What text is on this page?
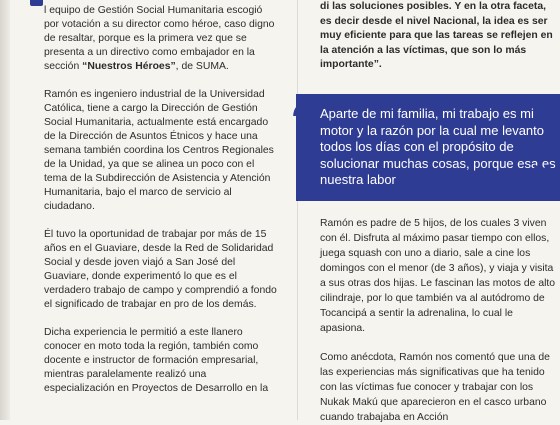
l equipo de Gestión Social Humanitaria escogió por votación a su director como héroe, caso digno de resaltar, porque es la primera vez que se presenta a un directivo como embajador en la sección “Nuestros Héroes”, de SUMA.

Ramón es ingeniero industrial de la Universidad Católica, tiene a cargo la Dirección de Gestión Social Humanitaria, actualmente está encargado de la Dirección de Asuntos Étnicos y hace una semana también coordina los Centros Regionales de la Unidad, ya que se alinea un poco con el tema de la Subdirección de Asistencia y Atención Humanitaria, bajo el marco de servicio al ciudadano.

Él tuvo la oportunidad de trabajar por más de 15 años en el Guaviare, desde la Red de Solidaridad Social y desde joven viajó a San José del Guaviare, donde experimentó lo que es el verdadero trabajo de campo y comprendió a fondo el significado de trabajar en pro de los demás.

Dicha experiencia le permitió a este llanero conocer en moto toda la región, también como docente e instructor de formación empresarial, mientras paralelamente realizó una especialización en Proyectos de Desarrollo en la

di las soluciones posibles. Y en la otra faceta, es decir desde el nivel Nacional, la idea es ser muy eficiente para que las tareas se reflejen en la atención a las víctimas, que son lo más importante”.
Aparte de mi familia, mi trabajo es mi motor y la razón por la cual me levanto todos los días con el propósito de solucionar muchas cosas, porque esa es nuestra labor
“
”

Ramón es padre de 5 hijos, de los cuales 3 viven con él. Disfruta al máximo pasar tiempo con ellos, juega squash con uno a diario, sale a cine los domingos con el menor (de 3 años), y viaja y visita a sus otras dos hijas. Le fascinan las motos de alto cilindraje, por lo que también va al autódromo de Tocancipá a sentir la adrenalina, lo cual le apasiona.

Como anécdota, Ramón nos comentó que una de las experiencias más significativas que ha tenido con las víctimas fue conocer y trabajar con los Nukak Makú que aparecieron en el casco urbano cuando trabajaba en Acción
